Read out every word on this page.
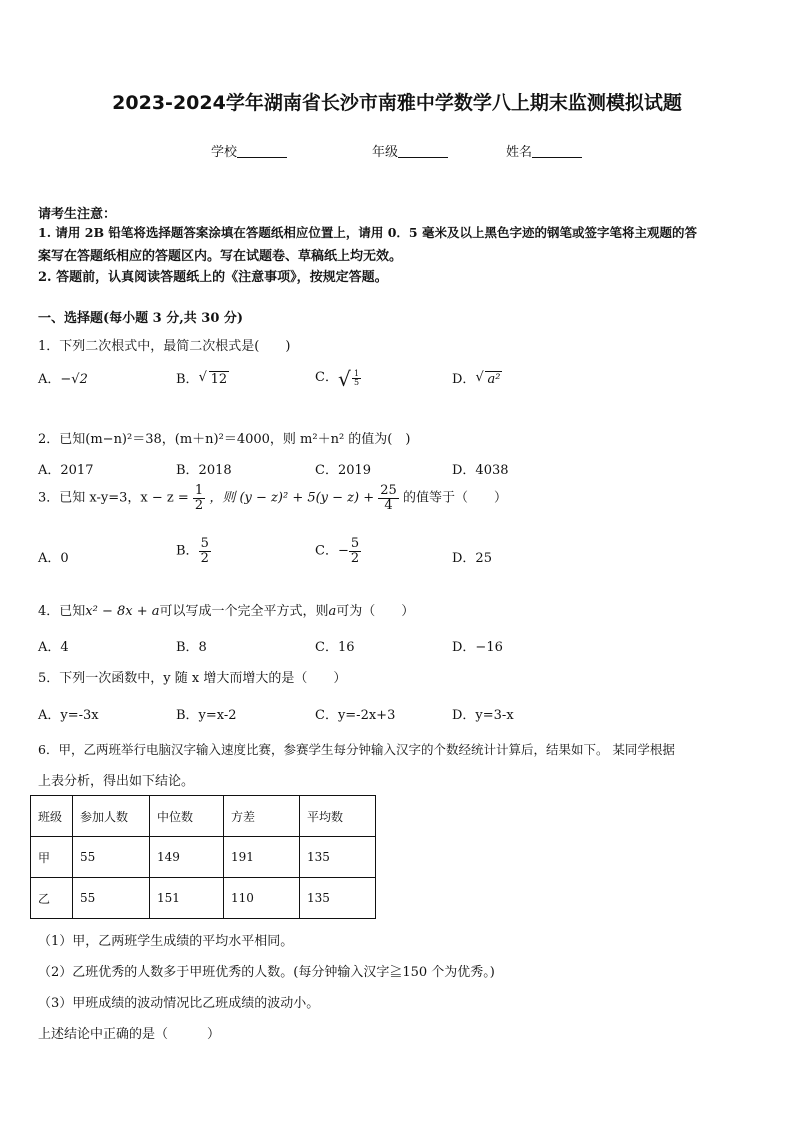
2023-2024学年湖南省长沙市南雅中学数学八上期末监测模拟试题
学校	年级	姓名
请考生注意：
1. 请用 2B 铅笔将选择题答案涂填在答题纸相应位置上，请用 0．5 毫米及以上黑色字迹的钢笔或签字笔将主观题的答
案写在答题纸相应的答题区内。写在试题卷、草稿纸上均无效。
2. 答题前，认真阅读答题纸上的《注意事项》，按规定答题。
一、选择题(每小题 3 分,共 30 分)
1．下列二次根式中，最简二次根式是(　　)
A．−√2	B． √ 12	C． √ $\frac{1}{5}$	D． √ a²
2．已知(m−n)²＝38，(m＋n)²＝4000，则 m²＋n² 的值为(　)
A．2017	B．2018	C．2019	D．4038
3．已知 x-y=3，$x - z = \frac{1}{2}$ ，则 $(y - z)^2 + 5(y - z) + \frac{25}{4}$ 的值等于（　　）
A．0	B． $\frac{5}{2}$	C．− $\frac{5}{2}$	D．25
4．已知x² − 8x + a可以写成一个完全平方式，则a可为（　　）
A．4	B．8	C．16	D．−16
5．下列一次函数中，y 随 x 增大而增大的是（　　）
A．y=-3x	B．y=x-2	C．y=-2x+3	D．y=3-x
6．甲，乙两班举行电脑汉字输入速度比赛，参赛学生每分钟输入汉字的个数经统计计算后，结果如下。 某同学根据
上表分析，得出如下结论。
班级	参加人数	中位数	方差	平均数
甲	55	149	191	135
乙	55	151	110	135
（1）甲，乙两班学生成绩的平均水平相同。
（2）乙班优秀的人数多于甲班优秀的人数。(每分钟输入汉字≧150 个为优秀。)
（3）甲班成绩的波动情况比乙班成绩的波动小。
上述结论中正确的是（　　　）
